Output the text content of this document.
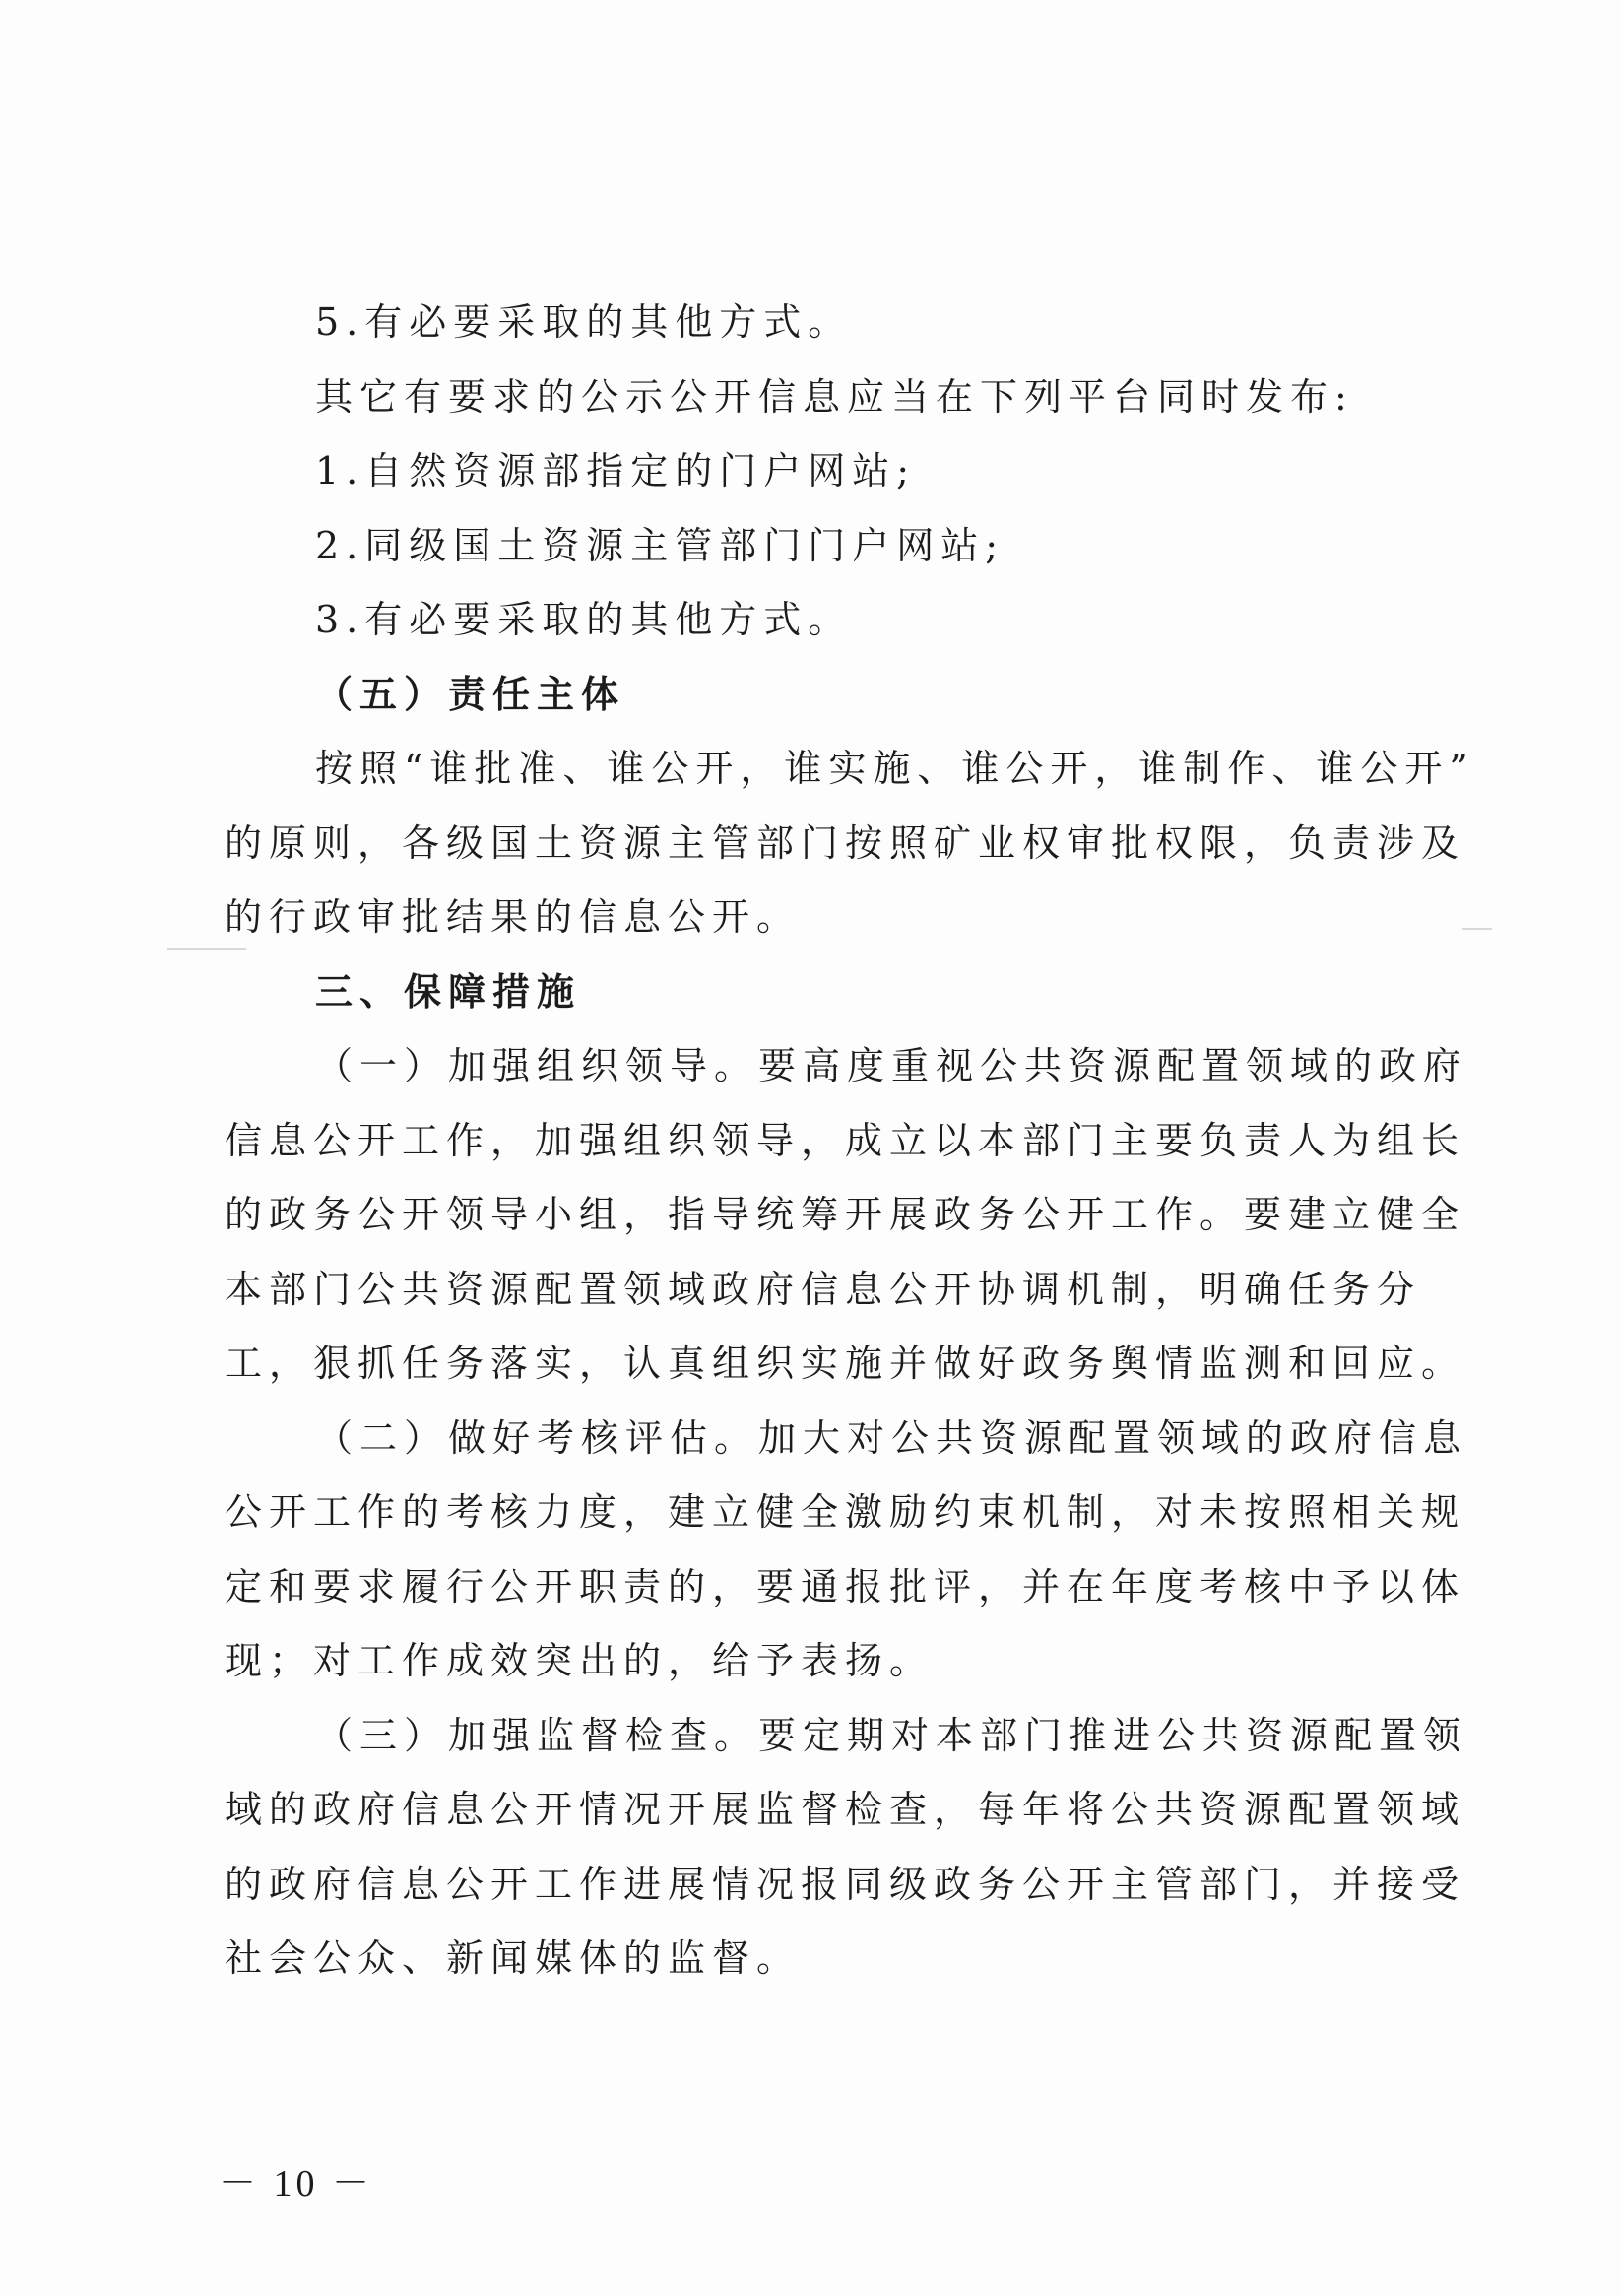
5.有必要采取的其他方式。
其它有要求的公示公开信息应当在下列平台同时发布:
1.自然资源部指定的门户网站;
2.同级国土资源主管部门门户网站;
3.有必要采取的其他方式。
（五）责任主体
按照“谁批准、谁公开，谁实施、谁公开，谁制作、谁公开”
的原则，各级国土资源主管部门按照矿业权审批权限，负责涉及
的行政审批结果的信息公开。
三、保障措施
（一）加强组织领导。要高度重视公共资源配置领域的政府
信息公开工作，加强组织领导，成立以本部门主要负责人为组长
的政务公开领导小组，指导统筹开展政务公开工作。要建立健全
本部门公共资源配置领域政府信息公开协调机制，明确任务分
工，狠抓任务落实，认真组织实施并做好政务舆情监测和回应。
（二）做好考核评估。加大对公共资源配置领域的政府信息
公开工作的考核力度，建立健全激励约束机制，对未按照相关规
定和要求履行公开职责的，要通报批评，并在年度考核中予以体
现；对工作成效突出的，给予表扬。
（三）加强监督检查。要定期对本部门推进公共资源配置领
域的政府信息公开情况开展监督检查，每年将公共资源配置领域
的政府信息公开工作进展情况报同级政务公开主管部门，并接受
社会公众、新闻媒体的监督。
－ 10 －
